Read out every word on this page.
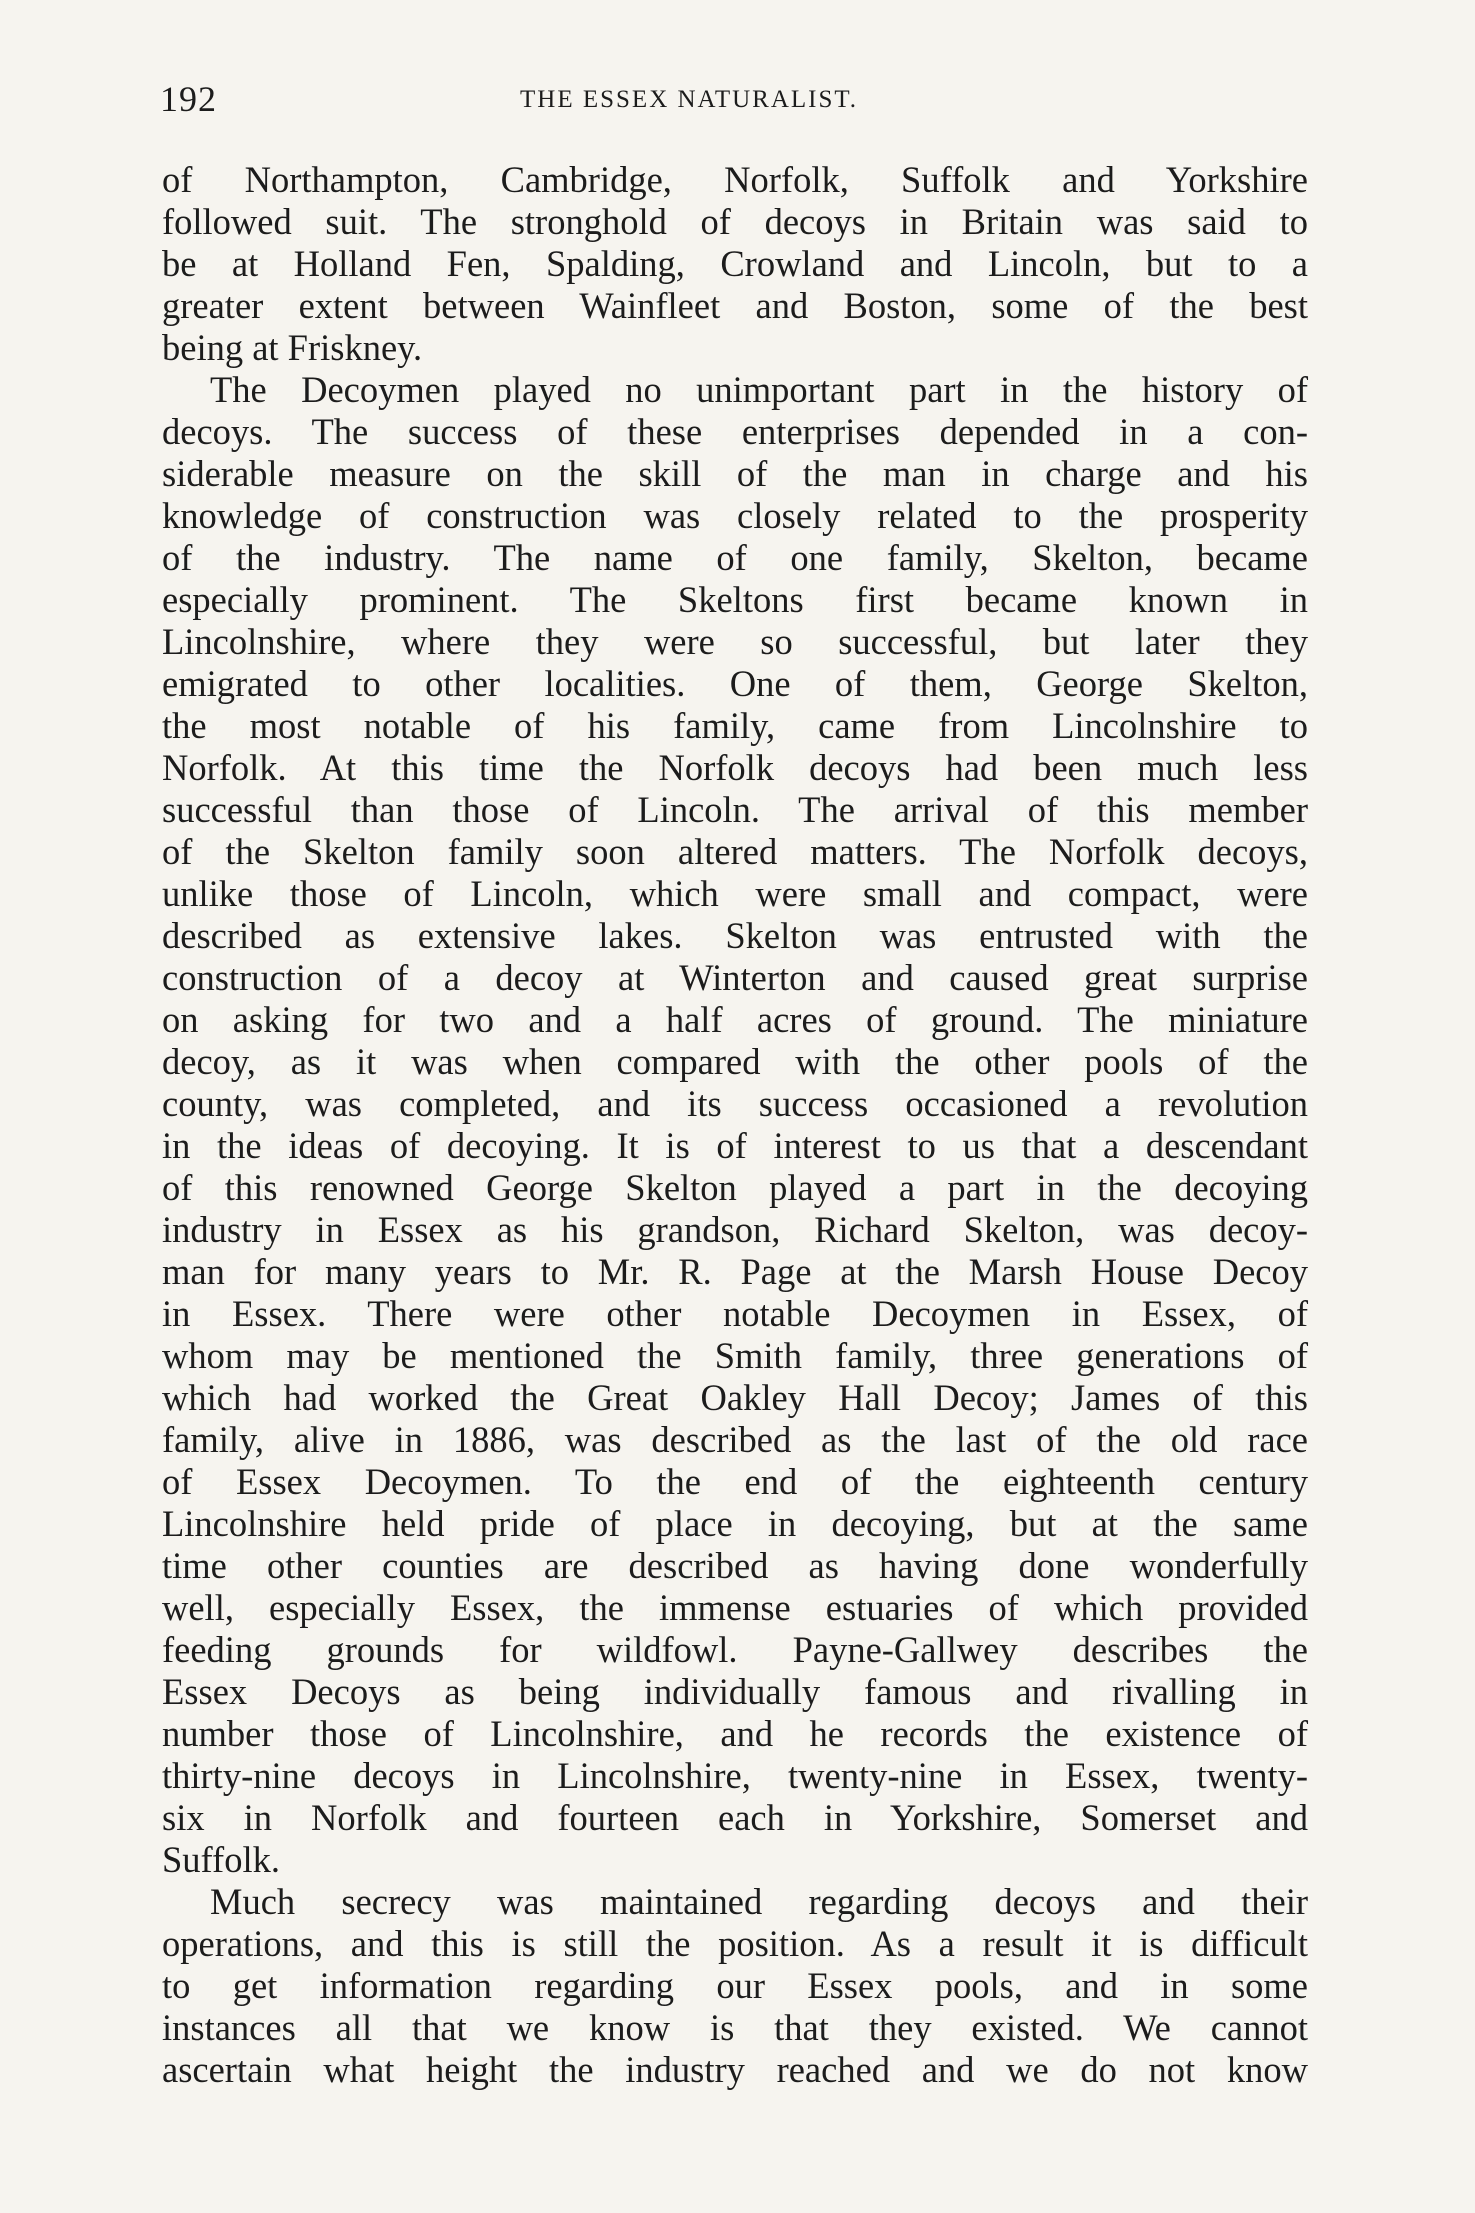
192	THE ESSEX NATURALIST.

of Northampton, Cambridge, Norfolk, Suffolk and Yorkshire
followed suit. The stronghold of decoys in Britain was said to
be at Holland Fen, Spalding, Crowland and Lincoln, but to a
greater extent between Wainfleet and Boston, some of the best
being at Friskney.

The Decoymen played no unimportant part in the history of
decoys. The success of these enterprises depended in a con-
siderable measure on the skill of the man in charge and his
knowledge of construction was closely related to the prosperity
of the industry. The name of one family, Skelton, became
especially prominent. The Skeltons first became known in
Lincolnshire, where they were so successful, but later they
emigrated to other localities. One of them, George Skelton,
the most notable of his family, came from Lincolnshire to
Norfolk. At this time the Norfolk decoys had been much less
successful than those of Lincoln. The arrival of this member
of the Skelton family soon altered matters. The Norfolk decoys,
unlike those of Lincoln, which were small and compact, were
described as extensive lakes. Skelton was entrusted with the
construction of a decoy at Winterton and caused great surprise
on asking for two and a half acres of ground. The miniature
decoy, as it was when compared with the other pools of the
county, was completed, and its success occasioned a revolution
in the ideas of decoying. It is of interest to us that a descendant
of this renowned George Skelton played a part in the decoying
industry in Essex as his grandson, Richard Skelton, was decoy-
man for many years to Mr. R. Page at the Marsh House Decoy
in Essex. There were other notable Decoymen in Essex, of
whom may be mentioned the Smith family, three generations of
which had worked the Great Oakley Hall Decoy; James of this
family, alive in 1886, was described as the last of the old race
of Essex Decoymen. To the end of the eighteenth century
Lincolnshire held pride of place in decoying, but at the same
time other counties are described as having done wonderfully
well, especially Essex, the immense estuaries of which provided
feeding grounds for wildfowl. Payne-Gallwey describes the
Essex Decoys as being individually famous and rivalling in
number those of Lincolnshire, and he records the existence of
thirty-nine decoys in Lincolnshire, twenty-nine in Essex, twenty-
six in Norfolk and fourteen each in Yorkshire, Somerset and
Suffolk.

Much secrecy was maintained regarding decoys and their
operations, and this is still the position. As a result it is difficult
to get information regarding our Essex pools, and in some
instances all that we know is that they existed. We cannot
ascertain what height the industry reached and we do not know
